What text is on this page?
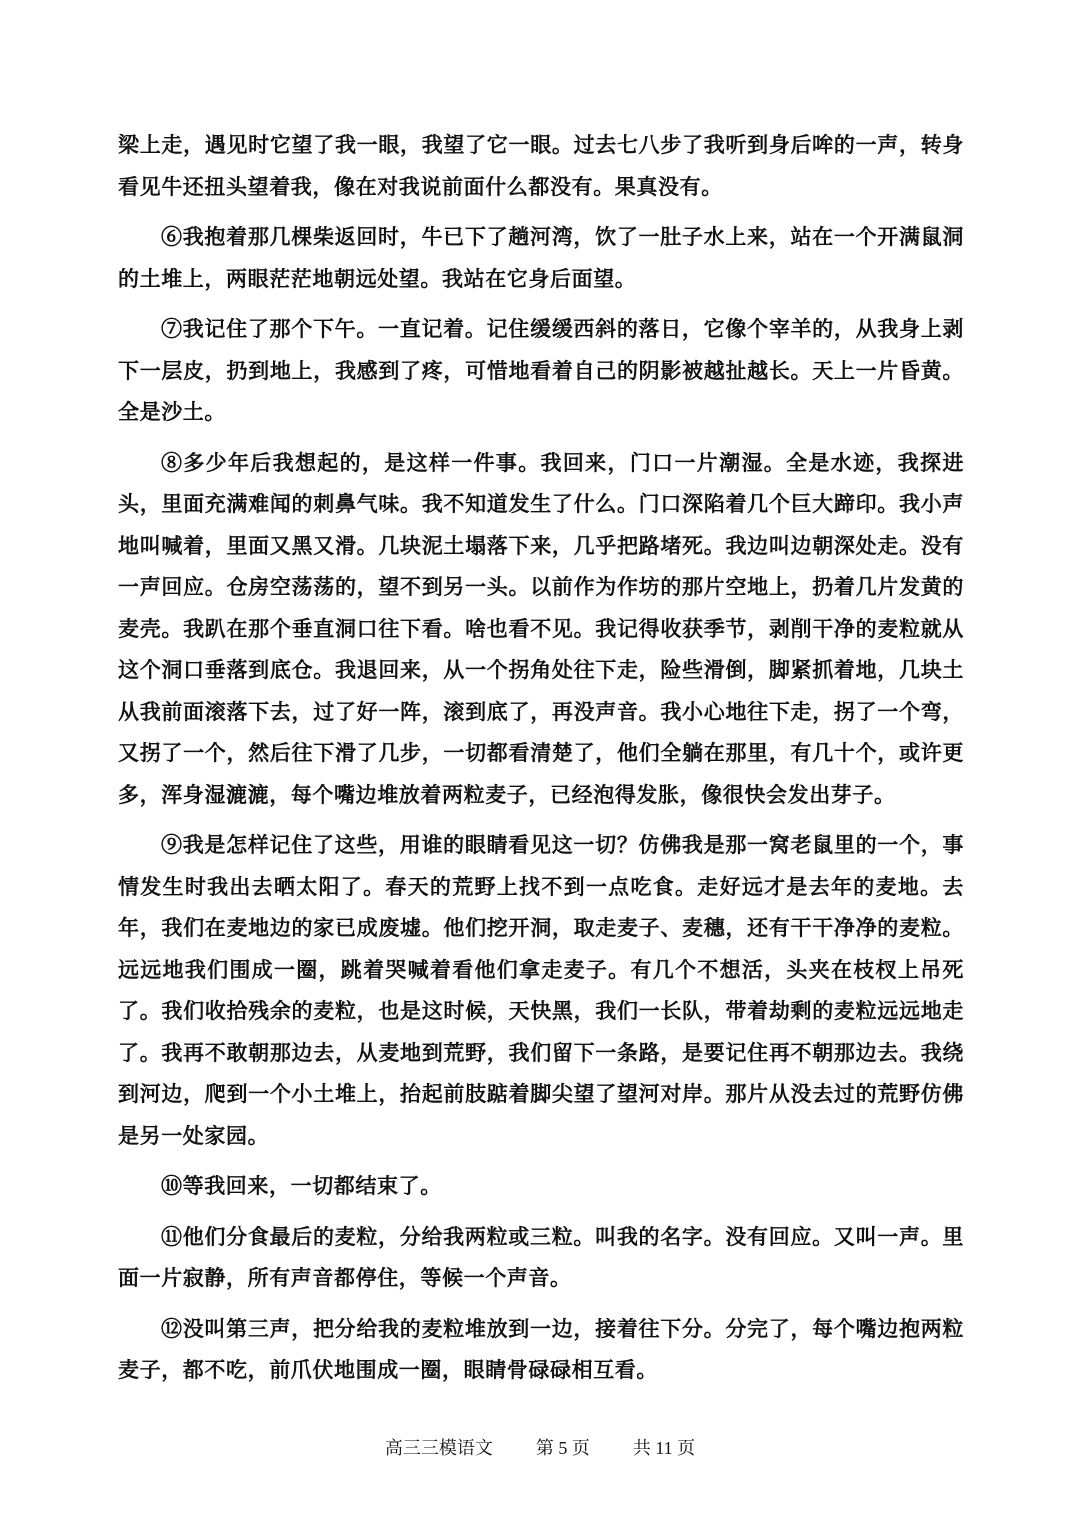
梁上走，遇见时它望了我一眼，我望了它一眼。过去七八步了我听到身后哞的一声，转身看见牛还扭头望着我，像在对我说前面什么都没有。果真没有。

⑥我抱着那几棵柴返回时，牛已下了趟河湾，饮了一肚子水上来，站在一个开满鼠洞的土堆上，两眼茫茫地朝远处望。我站在它身后面望。

⑦我记住了那个下午。一直记着。记住缓缓西斜的落日，它像个宰羊的，从我身上剥下一层皮，扔到地上，我感到了疼，可惜地看着自己的阴影被越扯越长。天上一片昏黄。全是沙土。

⑧多少年后我想起的，是这样一件事。我回来，门口一片潮湿。全是水迹，我探进头，里面充满难闻的刺鼻气味。我不知道发生了什么。门口深陷着几个巨大蹄印。我小声地叫喊着，里面又黑又滑。几块泥土塌落下来，几乎把路堵死。我边叫边朝深处走。没有一声回应。仓房空荡荡的，望不到另一头。以前作为作坊的那片空地上，扔着几片发黄的麦壳。我趴在那个垂直洞口往下看。啥也看不见。我记得收获季节，剥削干净的麦粒就从这个洞口垂落到底仓。我退回来，从一个拐角处往下走，险些滑倒，脚紧抓着地，几块土从我前面滚落下去，过了好一阵，滚到底了，再没声音。我小心地往下走，拐了一个弯，又拐了一个，然后往下滑了几步，一切都看清楚了，他们全躺在那里，有几十个，或许更多，浑身湿漉漉，每个嘴边堆放着两粒麦子，已经泡得发胀，像很快会发出芽子。

⑨我是怎样记住了这些，用谁的眼睛看见这一切？仿佛我是那一窝老鼠里的一个，事情发生时我出去晒太阳了。春天的荒野上找不到一点吃食。走好远才是去年的麦地。去年，我们在麦地边的家已成废墟。他们挖开洞，取走麦子、麦穗，还有干干净净的麦粒。远远地我们围成一圈，跳着哭喊着看他们拿走麦子。有几个不想活，头夹在枝杈上吊死了。我们收拾残余的麦粒，也是这时候，天快黑，我们一长队，带着劫剩的麦粒远远地走了。我再不敢朝那边去，从麦地到荒野，我们留下一条路，是要记住再不朝那边去。我绕到河边，爬到一个小土堆上，抬起前肢踮着脚尖望了望河对岸。那片从没去过的荒野仿佛是另一处家园。

⑩等我回来，一切都结束了。

⑪他们分食最后的麦粒，分给我两粒或三粒。叫我的名字。没有回应。又叫一声。里面一片寂静，所有声音都停住，等候一个声音。

⑫没叫第三声，把分给我的麦粒堆放到一边，接着往下分。分完了，每个嘴边抱两粒麦子，都不吃，前爪伏地围成一圈，眼睛骨碌碌相互看。

高三三模语文 第 5 页 共 11 页
